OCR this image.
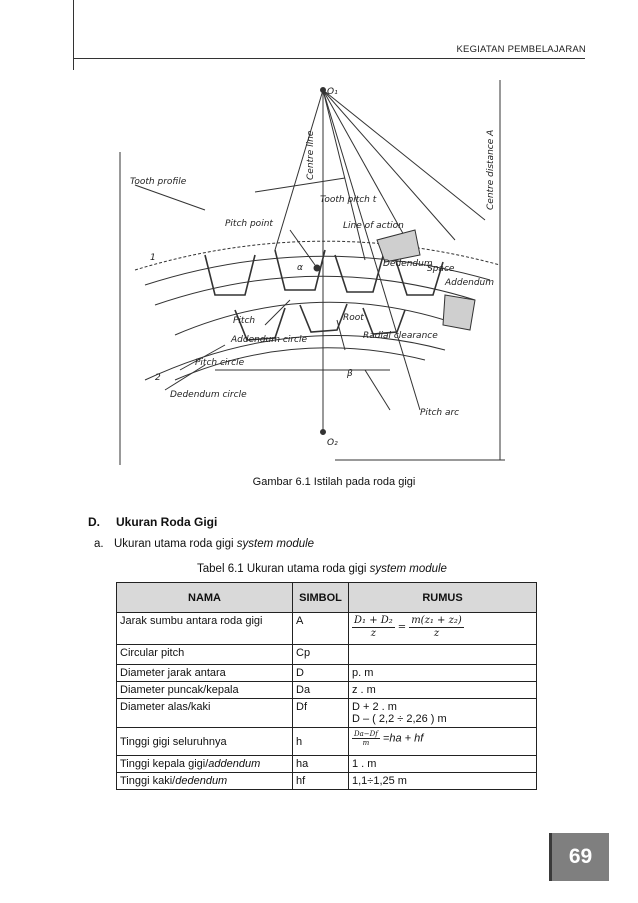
KEGIATAN PEMBELAJARAN
O₁
O₂
Centre line	Centre distance A
Tooth profile
Tooth pitch t
Pitch point	Line of action
Dedendum
Space
Addendum
Root
Radial clearance
Pitch
Addendum circle
Pitch circle
Dedendum circle
Pitch arc
1
2
α
β
Gambar 6.1 Istilah pada roda gigi
D. Ukuran Roda Gigi
a. Ukuran utama roda gigi system module
Tabel 6.1 Ukuran utama roda gigi system module
NAMA	SIMBOL	RUMUS
Jarak sumbu antara roda gigi	A	$\frac{\text{D₁ + D₂}}{z} = \frac{\text{m(z₁ + z₂)}}{z}$

Circular pitch	Cp	
Diameter jarak antara	D	p. m
Diameter puncak/kepala	Da	z . m
Diameter alas/kaki	Df	D + 2 . m
D – ( 2,2 ÷ 2,26 ) m

Tinggi gigi seluruhnya	h	$\frac{Da-Df}{m} =ha$ + hf
Tinggi kepala gigi/addendum	ha	1 . m
Tinggi kaki/dedendum	hf	1,1÷1,25 m
69
